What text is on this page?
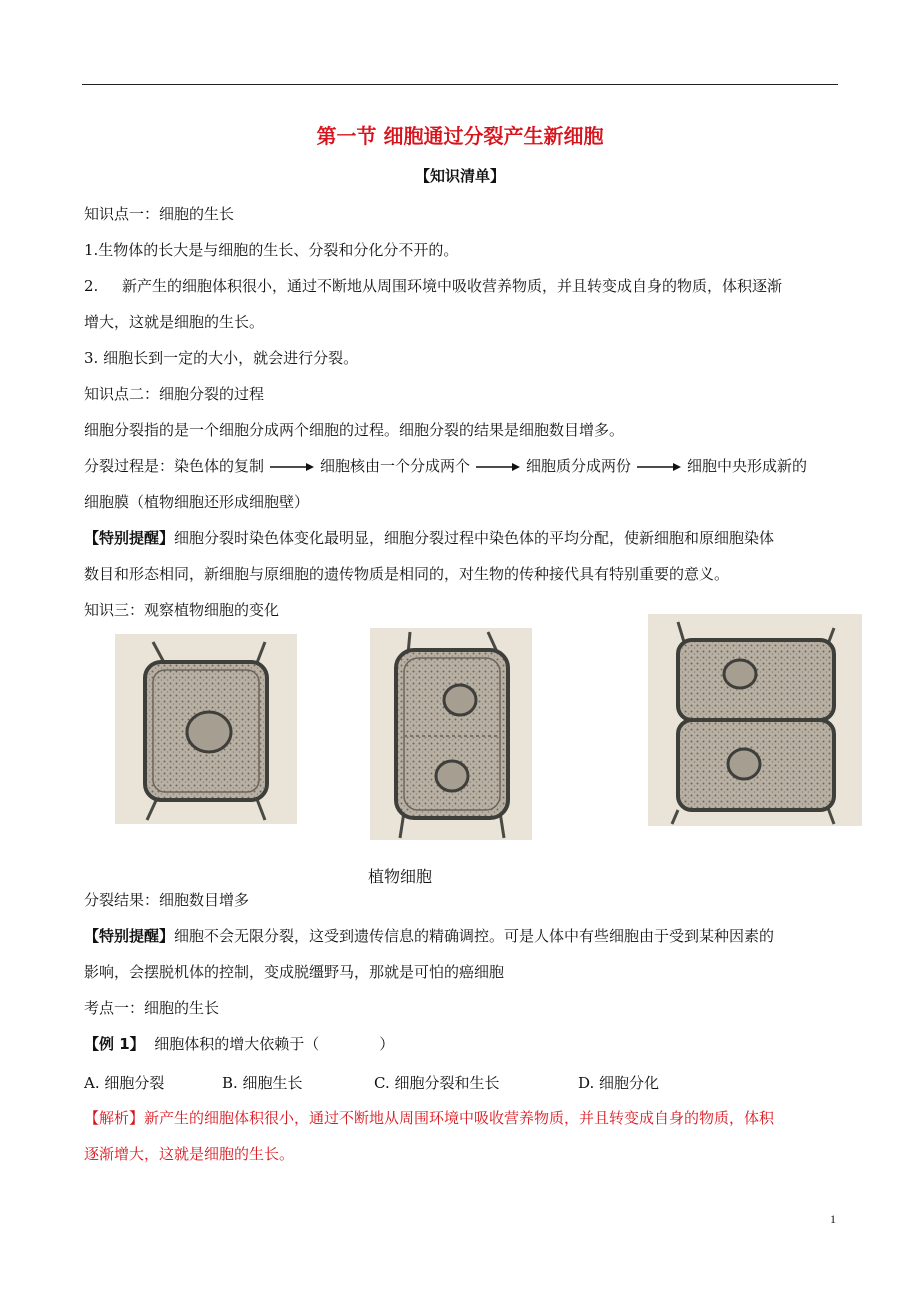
第一节 细胞通过分裂产生新细胞
【知识清单】
知识点一：细胞的生长
1.生物体的长大是与细胞的生长、分裂和分化分不开的。
2. 新产生的细胞体积很小，通过不断地从周围环境中吸收营养物质，并且转变成自身的物质，体积逐渐
增大，这就是细胞的生长。
3. 细胞长到一定的大小，就会进行分裂。
知识点二：细胞分裂的过程
细胞分裂指的是一个细胞分成两个细胞的过程。细胞分裂的结果是细胞数目增多。
分裂过程是：染色体的复制	细胞核由一个分成两个	细胞质分成两份	细胞中央形成新的
细胞膜（植物细胞还形成细胞壁）
【特别提醒】细胞分裂时染色体变化最明显，细胞分裂过程中染色体的平均分配，使新细胞和原细胞染体
数目和形态相同，新细胞与原细胞的遗传物质是相同的，对生物的传种接代具有特别重要的意义。
知识三：观察植物细胞的变化
植物细胞
分裂结果：细胞数目增多
【特别提醒】细胞不会无限分裂，这受到遗传信息的精确调控。可是人体中有些细胞由于受到某种因素的
影响，会摆脱机体的控制，变成脱缰野马，那就是可怕的癌细胞
考点一：细胞的生长
【例 1】 细胞体积的增大依赖于（　　　　）
A. 细胞分裂	B. 细胞生长	C. 细胞分裂和生长	D. 细胞分化
【解析】新产生的细胞体积很小，通过不断地从周围环境中吸收营养物质，并且转变成自身的物质，体积
逐渐增大，这就是细胞的生长。
1
